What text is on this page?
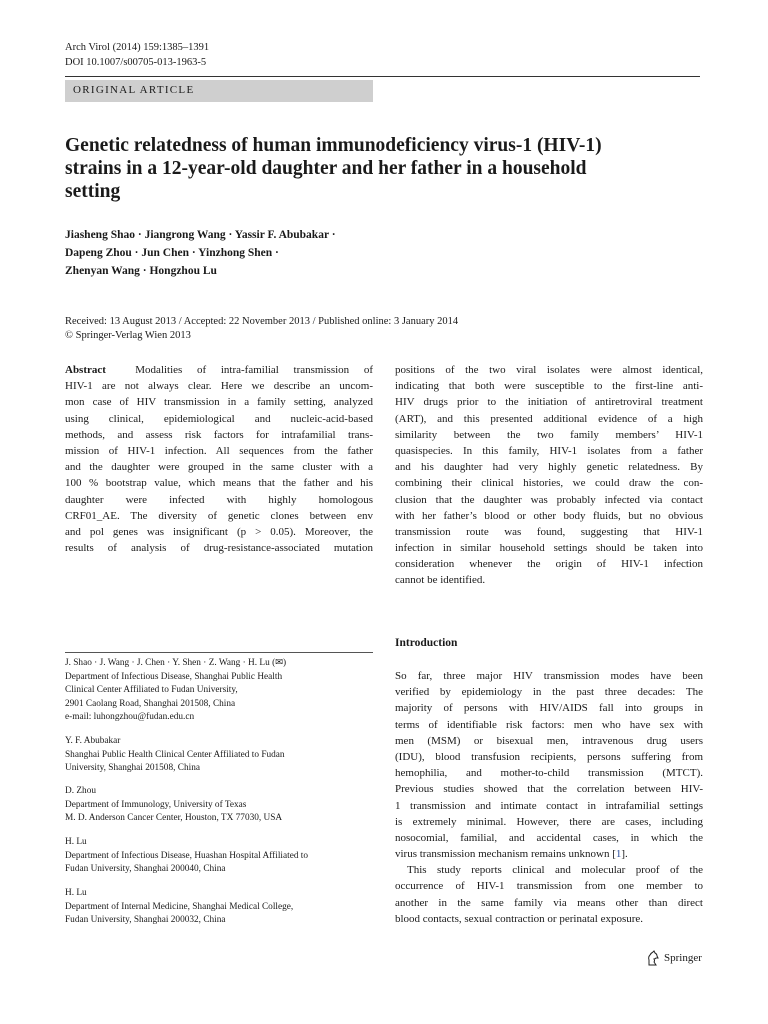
Arch Virol (2014) 159:1385–1391
DOI 10.1007/s00705-013-1963-5
ORIGINAL ARTICLE
Genetic relatedness of human immunodeficiency virus-1 (HIV-1)
strains in a 12-year-old daughter and her father in a household
setting
Jiasheng Shao · Jiangrong Wang · Yassir F. Abubakar ·
Dapeng Zhou · Jun Chen · Yinzhong Shen ·
Zhenyan Wang · Hongzhou Lu
Received: 13 August 2013 / Accepted: 22 November 2013 / Published online: 3 January 2014
© Springer-Verlag Wien 2013
Abstract	Modalities of intra-familial transmission of
HIV-1 are not always clear. Here we describe an uncom-
mon case of HIV transmission in a family setting, analyzed
using clinical, epidemiological and nucleic-acid-based
methods, and assess risk factors for intrafamilial trans-
mission of HIV-1 infection. All sequences from the father
and the daughter were grouped in the same cluster with a
100 % bootstrap value, which means that the father and his
daughter were infected with highly homologous
CRF01_AE. The diversity of genetic clones between env
and pol genes was insignificant (p > 0.05). Moreover, the
results of analysis of drug-resistance-associated mutation
positions of the two viral isolates were almost identical,
indicating that both were susceptible to the first-line anti-
HIV drugs prior to the initiation of antiretroviral treatment
(ART), and this presented additional evidence of a high
similarity between the two family members’ HIV-1
quasispecies. In this family, HIV-1 isolates from a father
and his daughter had very highly genetic relatedness. By
combining their clinical histories, we could draw the con-
clusion that the daughter was probably infected via contact
with her father’s blood or other body fluids, but no obvious
transmission route was found, suggesting that HIV-1
infection in similar household settings should be taken into
consideration whenever the origin of HIV-1 infection
cannot be identified.
J. Shao · J. Wang · J. Chen · Y. Shen · Z. Wang · H. Lu (✉)
Department of Infectious Disease, Shanghai Public Health
Clinical Center Affiliated to Fudan University,
2901 Caolang Road, Shanghai 201508, China
e-mail: luhongzhou@fudan.edu.cn
Y. F. Abubakar
Shanghai Public Health Clinical Center Affiliated to Fudan
University, Shanghai 201508, China
D. Zhou
Department of Immunology, University of Texas
M. D. Anderson Cancer Center, Houston, TX 77030, USA
H. Lu
Department of Infectious Disease, Huashan Hospital Affiliated to
Fudan University, Shanghai 200040, China
H. Lu
Department of Internal Medicine, Shanghai Medical College,
Fudan University, Shanghai 200032, China
Introduction
So far, three major HIV transmission modes have been
verified by epidemiology in the past three decades: The
majority of persons with HIV/AIDS fall into groups in
terms of identifiable risk factors: men who have sex with
men (MSM) or bisexual men, intravenous drug users
(IDU), blood transfusion recipients, persons suffering from
hemophilia, and mother-to-child transmission (MTCT).
Previous studies showed that the correlation between HIV-
1 transmission and intimate contact in intrafamilial settings
is extremely minimal. However, there are cases, including
nosocomial, familial, and accidental cases, in which the
virus transmission mechanism remains unknown [1].
This study reports clinical and molecular proof of the
occurrence of HIV-1 transmission from one member to
another in the same family via means other than direct
blood contacts, sexual contraction or perinatal exposure.
Springer
